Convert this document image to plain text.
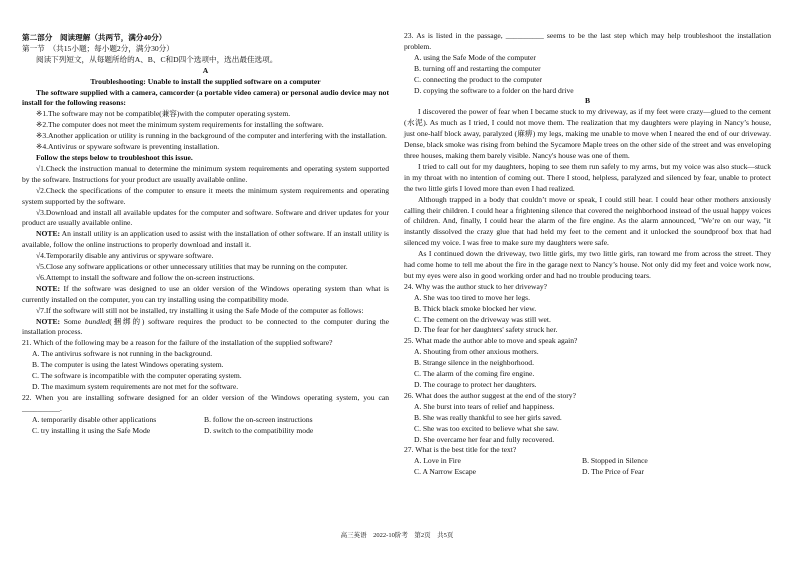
第二部分　阅读理解（共两节，满分40分）

第一节　（共15小题；每小题2分，满分30分）

阅读下列短文，从每题所给的A、B、C和D四个选项中，选出最佳选项。

A

Troubleshooting: Unable to install the supplied software on a computer

The software supplied with a camera, camcorder (a portable video camera) or personal audio device may not install for the following reasons:

※1.The software may not be compatible(兼容)with the computer operating system.

※2.The computer does not meet the minimum system requirements for installing the software.

※3.Another application or utility is running in the background of the computer and interfering with the installation.

※4.Antivirus or spyware software is preventing installation.

Follow the steps below to troubleshoot this issue.

√1.Check the instruction manual to determine the minimum system requirements and operating system supported by the software. Instructions for your product are usually available online.

√2.Check the specifications of the computer to ensure it meets the minimum system requirements and operating system supported by the software.

√3.Download and install all available updates for the computer and software. Software and driver updates for your product are usually available online.

NOTE: An install utility is an application used to assist with the installation of other software. If an install utility is available, follow the online instructions to properly download and install it.

√4.Temporarily disable any antivirus or spyware software.

√5.Close any software applications or other unnecessary utilities that may be running on the computer.

√6.Attempt to install the software and follow the on-screen instructions.

NOTE: If the software was designed to use an older version of the Windows operating system than what is currently installed on the computer, you can try installing using the compatibility mode.

√7.If the software will still not be installed, try installing it using the Safe Mode of the computer as follows:

NOTE: Some bundled(捆绑的) software requires the product to be connected to the computer during the installation process.

21. Which of the following may be a reason for the failure of the installation of the supplied software?

A. The antivirus software is not running in the background.

B. The computer is using the latest Windows operating system.

C. The software is incompatible with the computer operating system.

D. The maximum system requirements are not met for the software.

22. When you are installing software designed for an older version of the Windows operating system, you can __________.

A. temporarily disable other applications	B. follow the on-screen instructions
C. try installing it using the Safe Mode	D. switch to the compatibility mode

23. As is listed in the passage, __________ seems to be the last step which may help troubleshoot the installation problem.

A. using the Safe Mode of the computer

B. turning off and restarting the computer

C. connecting the product to the computer

D. copying the software to a folder on the hard drive

B

I discovered the power of fear when I became stuck to my driveway, as if my feet were crazy—glued to the cement (水泥). As much as I tried, I could not move them. The realization that my daughters were playing in Nancy’s house, just one-half block away, paralyzed (麻痹) my legs, making me unable to move when I neared the end of our driveway. Dense, black smoke was rising from behind the Sycamore Maple trees on the other side of the street and was enveloping three houses, making them barely visible. Nancy's house was one of them.

I tried to call out for my daughters, hoping to see them run safely to my arms, but my voice was also stuck—stuck in my throat with no intention of coming out. There I stood, helpless, paralyzed and silenced by fear, unable to protect the two little girls I loved more than even I had realized.

Although trapped in a body that couldn’t move or speak, I could still hear. I could hear other mothers anxiously calling their children. I could hear a frightening silence that covered the neighborhood instead of the usual happy voices of children. And, finally, I could hear the alarm of the fire engine. As the alarm announced, "We’re on our way, "it instantly dissolved the crazy glue that had held my feet to the cement and it unlocked the soundproof box that had silenced my voice. I was free to make sure my daughters were safe.

As I continued down the driveway, two little girls, my two little girls, ran toward me from across the street. They had come home to tell me about the fire in the garage next to Nancy’s house. Not only did my feet and voice work now, but my eyes were also in good working order and had no trouble producing tears.

24. Why was the author stuck to her driveway?

A. She was too tired to move her legs.

B. Thick black smoke blocked her view.

C. The cement on the driveway was still wet.

D. The fear for her daughters' safety struck her.

25. What made the author able to move and speak again?

A. Shouting from other anxious mothers.

B. Strange silence in the neighborhood.

C. The alarm of the coming fire engine.

D. The courage to protect her daughters.

26. What does the author suggest at the end of the story?

A. She burst into tears of relief and happiness.

B. She was really thankful to see her girls saved.

C. She was too excited to believe what she saw.

D. She overcame her fear and fully recovered.

27. What is the best title for the text?

A. Love in Fire	B. Stopped in Silence
C. A Narrow Escape	D. The Price of Fear
高三英语　2022-10阶考　第2页　共5页
